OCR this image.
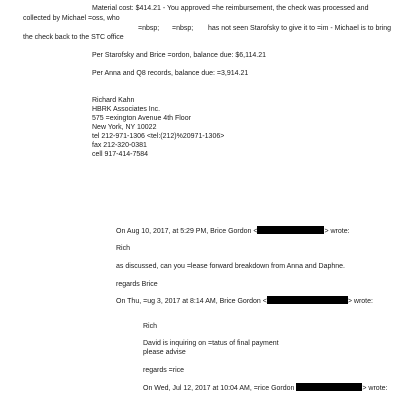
Material cost: $414.21 - You approved =he reimbursement, the check was processed and
collected by Michael =oss, who
=nbsp; =nbsp; has not seen Starofsky to give it to =im - Michael is to bring
the check back to the STC office
Per Starofsky and Brice =ordon, balance due: $6,114.21
Per Anna and Q8 records, balance due: =3,914.21
Richard Kahn
HBRK Associates Inc.
575 =exington Avenue 4th Floor
New York, NY 10022
tel 212-971-1306 <tel:(212)%20971-1306>
fax 212-320-0381
cell 917-414-7584
On Aug 10, 2017, at 5:29 PM, Brice Gordon <	> wrote:
Rich
as discussed, can you =lease forward breakdown from Anna and Daphne.
regards Brice
On Thu, =ug 3, 2017 at 8:14 AM, Brice Gordon <	> wrote:
Rich
David is inquiring on =tatus of final payment
please advise
regards =rice
On Wed, Jul 12, 2017 at 10:04 AM, =rice Gordon	> wrote:
